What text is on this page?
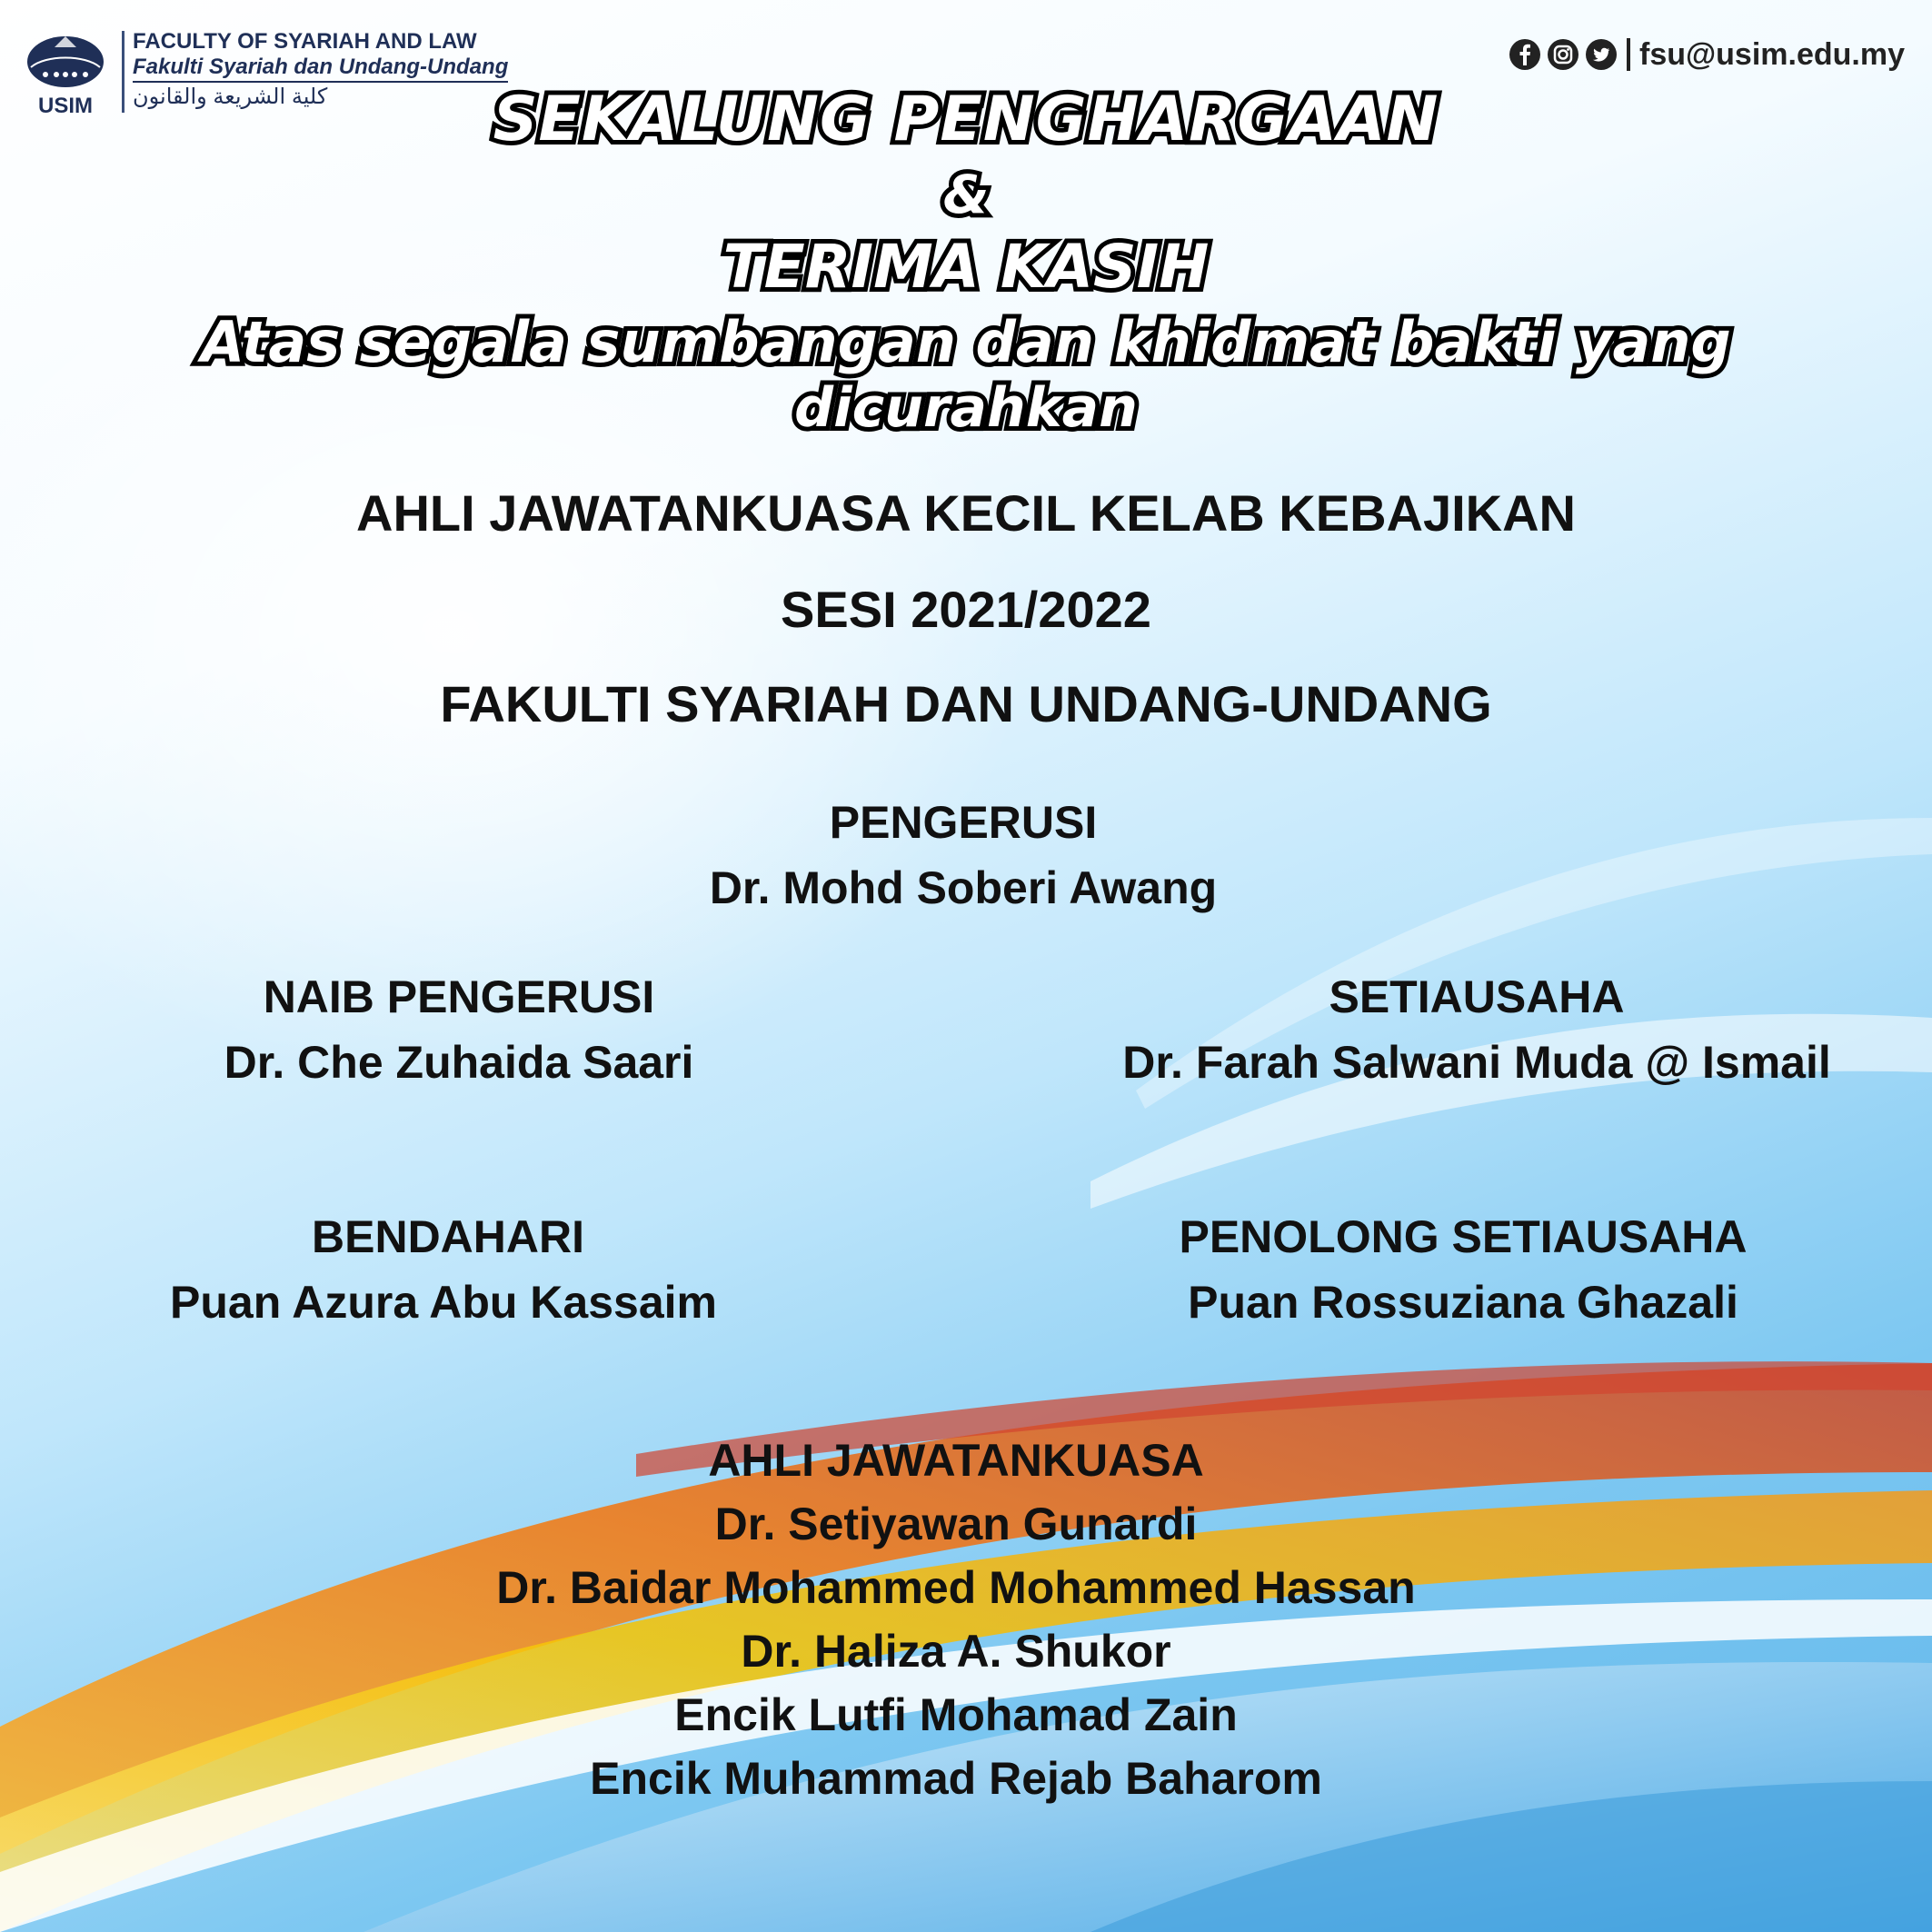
USIM
FACULTY OF SYARIAH AND LAW
Fakulti Syariah dan Undang-Undang
كلية الشريعة والقانون
fsu@usim.edu.my
SEKALUNG PENGHARGAAN
&
TERIMA KASIH
Atas segala sumbangan dan khidmat bakti yang
dicurahkan
AHLI JAWATANKUASA KECIL KELAB KEBAJIKAN
SESI 2021/2022
FAKULTI SYARIAH DAN UNDANG-UNDANG
PENGERUSI
Dr. Mohd Soberi Awang
NAIB PENGERUSI
Dr. Che Zuhaida Saari
SETIAUSAHA
Dr. Farah Salwani Muda @ Ismail
BENDAHARI
Puan Azura Abu Kassaim
PENOLONG SETIAUSAHA
Puan Rossuziana Ghazali
AHLI JAWATANKUASA
Dr. Setiyawan Gunardi
Dr. Baidar Mohammed Mohammed Hassan
Dr. Haliza A. Shukor
Encik Lutfi Mohamad Zain
Encik Muhammad Rejab Baharom
